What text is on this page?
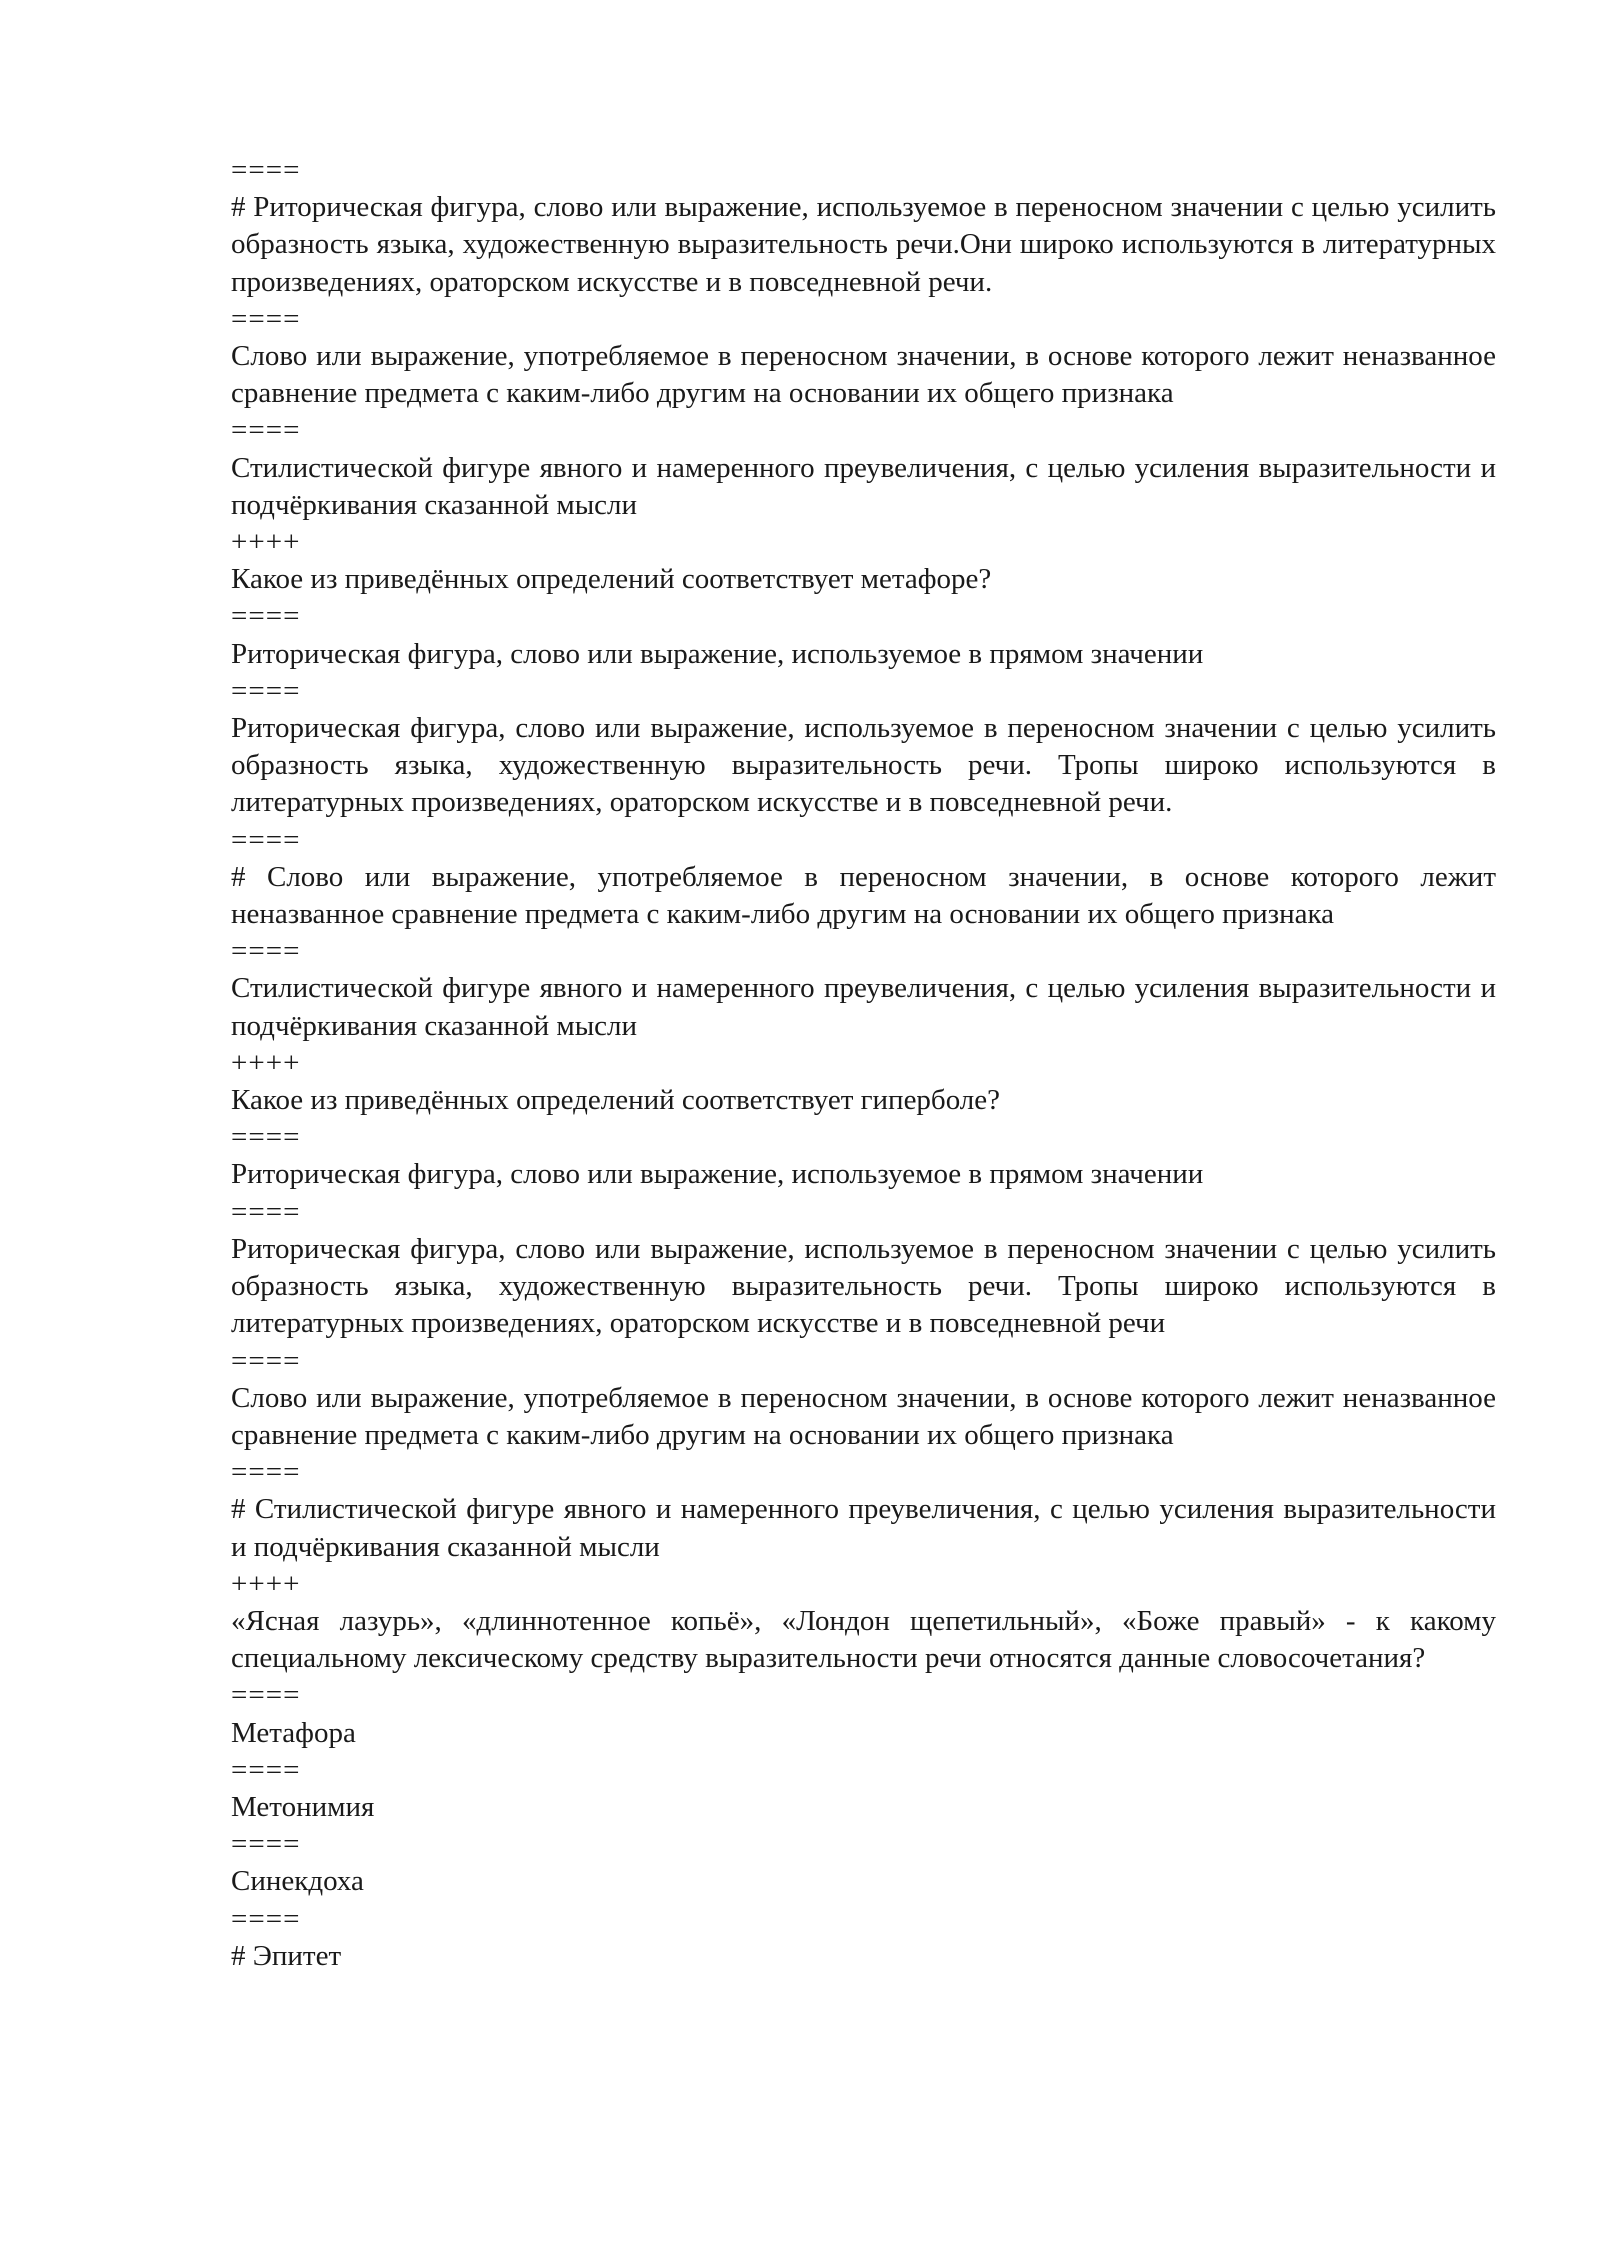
====

# Риторическая фигура, слово или выражение, используемое в переносном значении с целью усилить образность языка, художественную выразительность речи.Они широко используются в литературных произведениях, ораторском искусстве и в повседневной речи.

====

Слово или выражение, употребляемое в переносном значении, в основе которого лежит неназванное сравнение предмета с каким-либо другим на основании их общего признака

====

Стилистической фигуре явного и намеренного преувеличения, с целью усиления выразительности и подчёркивания сказанной мысли

++++

Какое из приведённых определений соответствует метафоре?

====

Риторическая фигура, слово или выражение, используемое в прямом значении

====

Риторическая фигура, слово или выражение, используемое в переносном значении с целью усилить образность языка, художественную выразительность речи. Тропы широко используются в литературных произведениях, ораторском искусстве и в повседневной речи.

====

# Слово или выражение, употребляемое в переносном значении, в основе которого лежит неназванное сравнение предмета с каким-либо другим на основании их общего признака

====

Стилистической фигуре явного и намеренного преувеличения, с целью усиления выразительности и подчёркивания сказанной мысли

++++

Какое из приведённых определений соответствует гиперболе?

====

Риторическая фигура, слово или выражение, используемое в прямом значении

====

Риторическая фигура, слово или выражение, используемое в переносном значении с целью усилить образность языка, художественную выразительность речи. Тропы широко используются в литературных произведениях, ораторском искусстве и в повседневной речи

====

Слово или выражение, употребляемое в переносном значении, в основе которого лежит неназванное сравнение предмета с каким-либо другим на основании их общего признака

====

# Стилистической фигуре явного и намеренного преувеличения, с целью усиления выразительности и подчёркивания сказанной мысли

++++

«Ясная лазурь», «длиннотенное копьё», «Лондон щепетильный», «Боже правый» - к какому специальному лексическому средству выразительности речи относятся данные словосочетания?

====

Метафора

====

Метонимия

====

Синекдоха

====

# Эпитет
